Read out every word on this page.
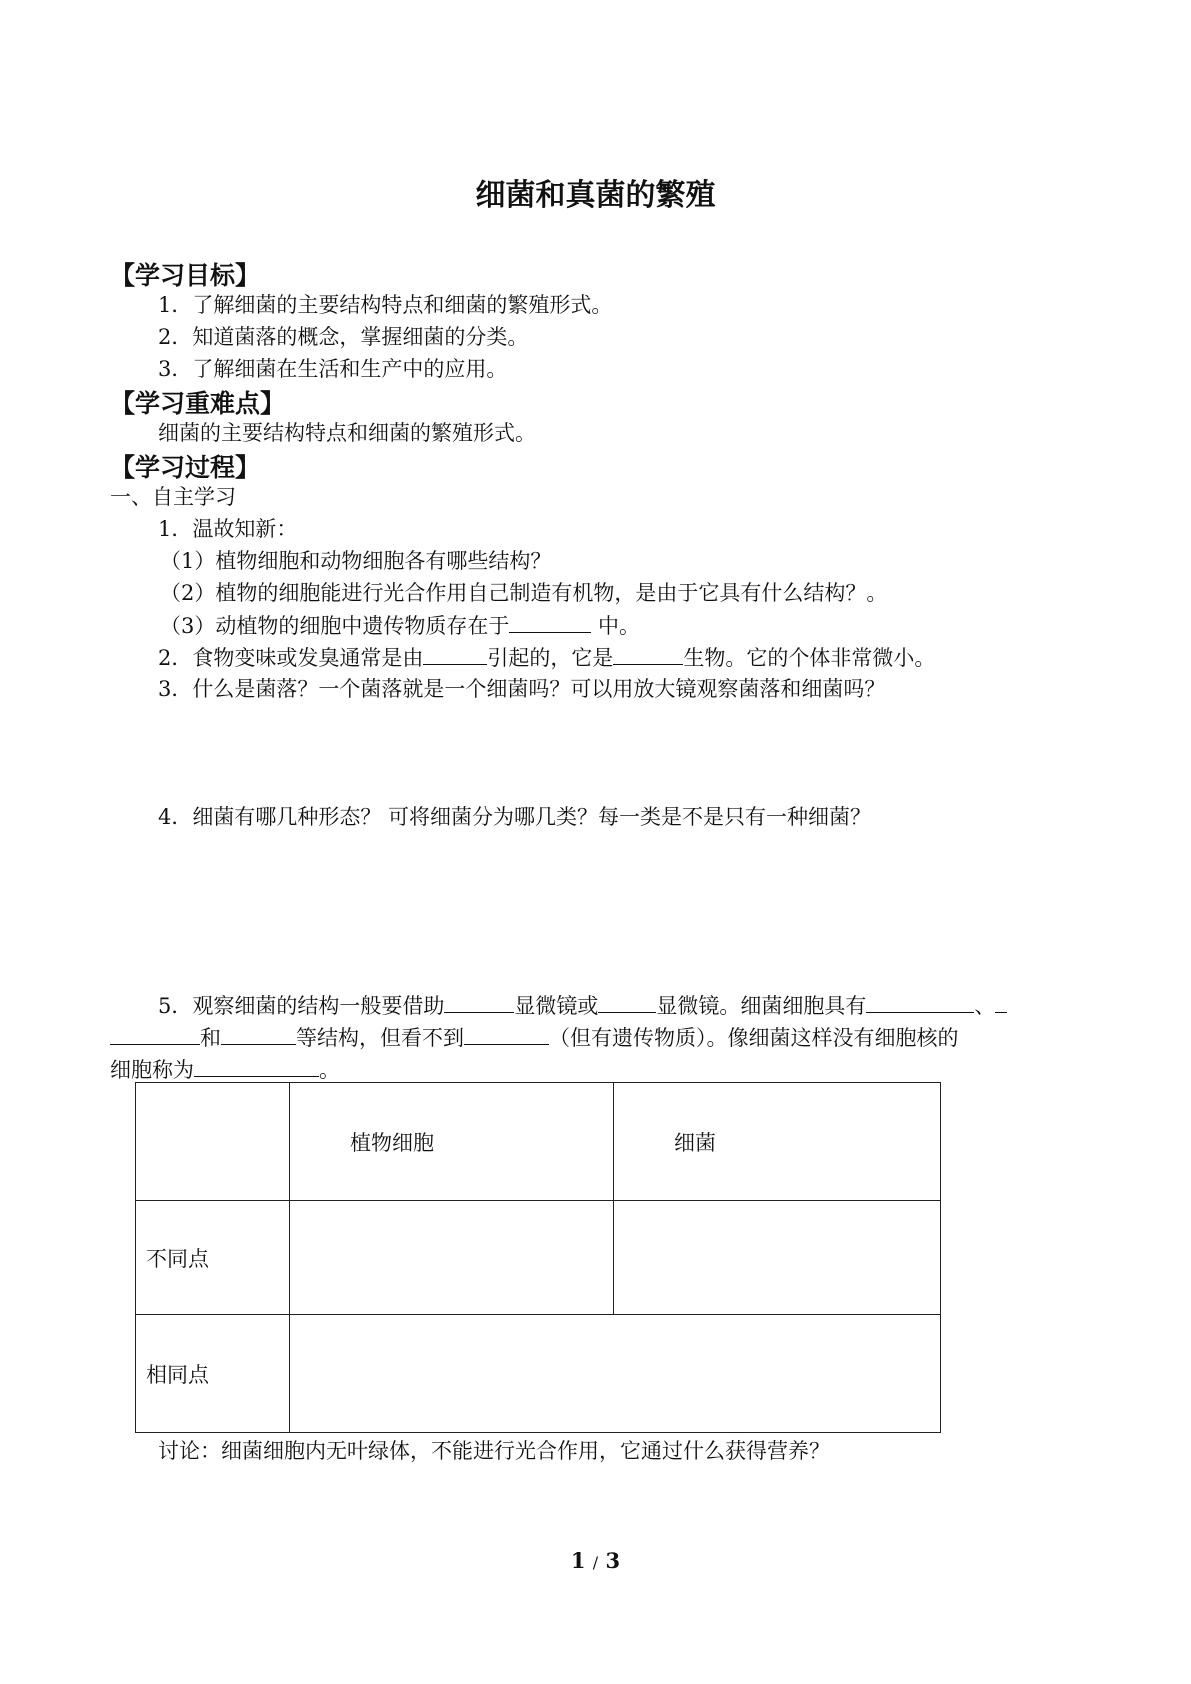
细菌和真菌的繁殖
【学习目标】
1．了解细菌的主要结构特点和细菌的繁殖形式。
2．知道菌落的概念，掌握细菌的分类。
3．了解细菌在生活和生产中的应用。
【学习重难点】
细菌的主要结构特点和细菌的繁殖形式。
【学习过程】
一、自主学习
1．温故知新：
（1）植物细胞和动物细胞各有哪些结构？
（2）植物的细胞能进行光合作用自己制造有机物，是由于它具有什么结构？。
（3）动植物的细胞中遗传物质存在于	中。
2．食物变味或发臭通常是由	引起的，它是	生物。它的个体非常微小。
3．什么是菌落？一个菌落就是一个细菌吗？可以用放大镜观察菌落和细菌吗？
4．细菌有哪几种形态？ 可将细菌分为哪几类？每一类是不是只有一种细菌？
5．观察细菌的结构一般要借助	显微镜或	显微镜。细菌细胞具有	、
和	等结构，但看不到	（但有遗传物质）。像细菌这样没有细胞核的
细胞称为	。
	植物细胞	细菌
不同点		
相同点		
讨论：细菌细胞内无叶绿体，不能进行光合作用，它通过什么获得营养？
1 / 3
